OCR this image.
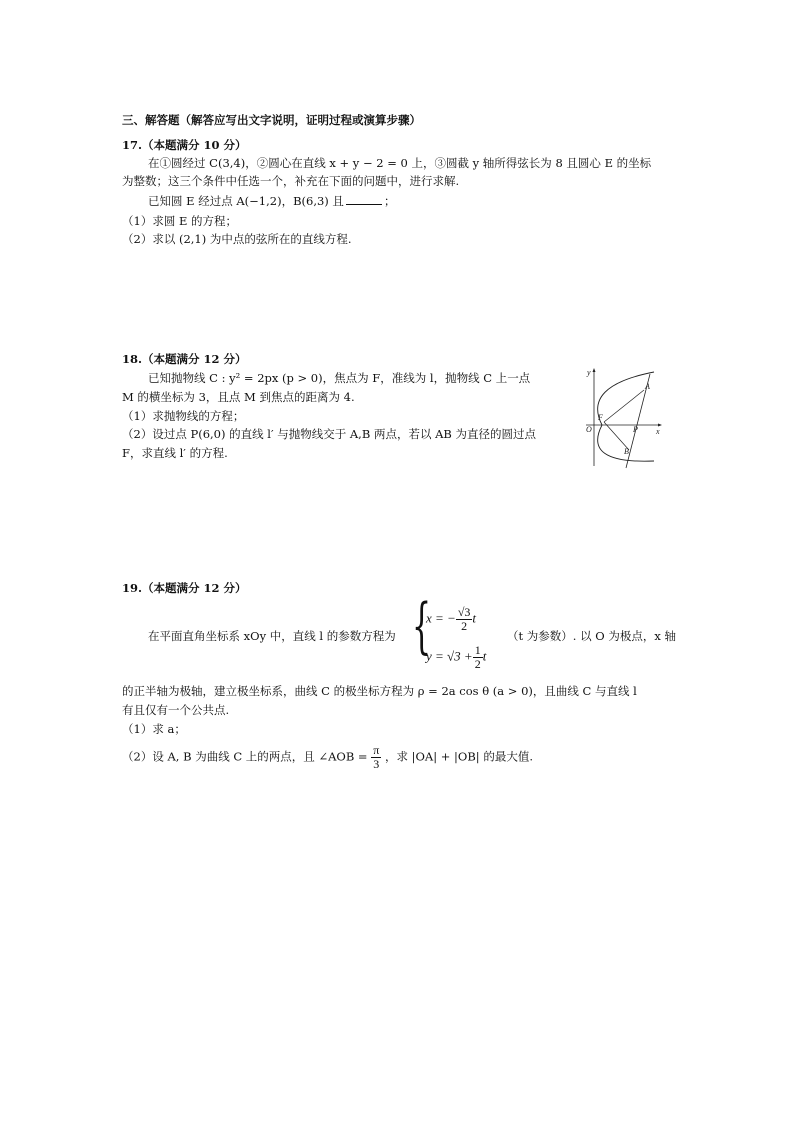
三、解答题（解答应写出文字说明，证明过程或演算步骤）
17.（本题满分 10 分）
在①圆经过 C(3,4)，②圆心在直线 x + y − 2 = 0 上，③圆截 y 轴所得弦长为 8 且圆心 E 的坐标
为整数；这三个条件中任选一个，补充在下面的问题中，进行求解.
已知圆 E 经过点 A(−1,2)，B(6,3) 且	；
（1）求圆 E 的方程；
（2）求以 (2,1) 为中点的弦所在的直线方程.
18.（本题满分 12 分）
已知抛物线 C : y² = 2px (p > 0)，焦点为 F，准线为 l，抛物线 C 上一点
M 的横坐标为 3，且点 M 到焦点的距离为 4.
（1）求抛物线的方程；
（2）设过点 P(6,0) 的直线 l′ 与抛物线交于 A,B 两点，若以 AB 为直径的圆过点
F，求直线 l′ 的方程.
y
x
O
F
P
A
B
19.（本题满分 12 分）
在平面直角坐标系 xOy 中，直线 l 的参数方程为 {
x = − $\frac{√3}{2}$ t
$y = √3 + \frac{1}{2}$ t
（t 为参数）. 以 O 为极点，x 轴
的正半轴为极轴，建立极坐标系，曲线 C 的极坐标方程为 ρ = 2a cos θ (a > 0)，且曲线 C 与直线 l
有且仅有一个公共点.
（1）求 a；
（2）设 A, B 为曲线 C 上的两点，且 ∠AOB = $\frac{\pi}{3}$ ，求 |OA| + |OB| 的最大值.
